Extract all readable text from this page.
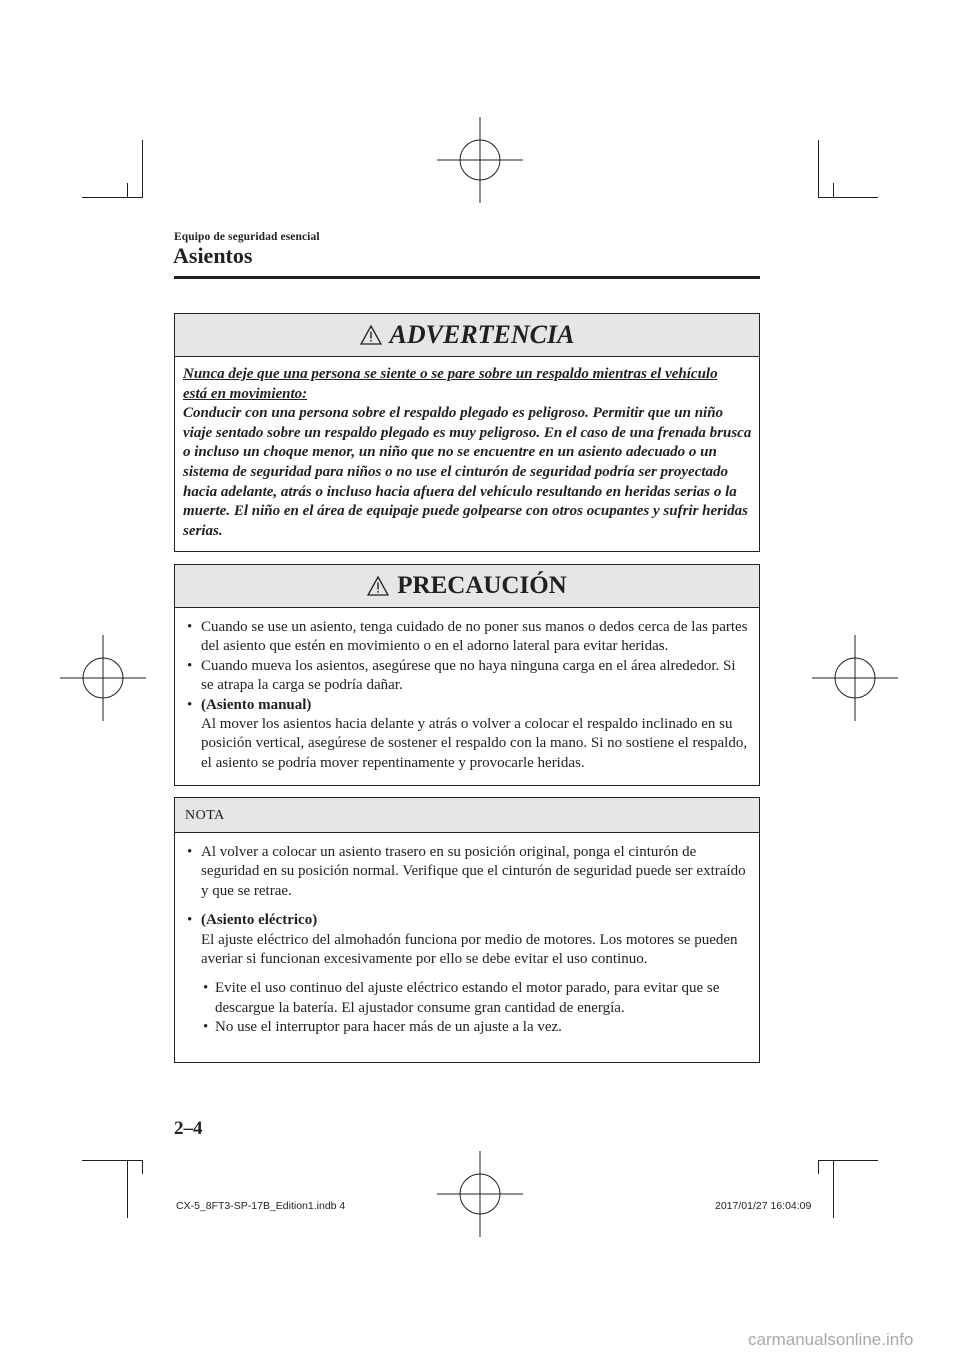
Equipo de seguridad esencial
Asientos
ADVERTENCIA

Nunca deje que una persona se siente o se pare sobre un respaldo mientras el vehículo
está en movimiento:

Conducir con una persona sobre el respaldo plegado es peligroso. Permitir que un niño viaje sentado sobre un respaldo plegado es muy peligroso. En el caso de una frenada brusca o incluso un choque menor, un niño que no se encuentre en un asiento adecuado o un sistema de seguridad para niños o no use el cinturón de seguridad podría ser proyectado hacia adelante, atrás o incluso hacia afuera del vehículo resultando en heridas serias o la muerte. El niño en el área de equipaje puede golpearse con otros ocupantes y sufrir heridas serias.

PRECAUCIÓN
• Cuando se use un asiento, tenga cuidado de no poner sus manos o dedos cerca de las partes del asiento que estén en movimiento o en el adorno lateral para evitar heridas.
• Cuando mueva los asientos, asegúrese que no haya ninguna carga en el área alrededor. Si se atrapa la carga se podría dañar.
• (Asiento manual)
Al mover los asientos hacia delante y atrás o volver a colocar el respaldo inclinado en su posición vertical, asegúrese de sostener el respaldo con la mano. Si no sostiene el respaldo, el asiento se podría mover repentinamente y provocarle heridas.
NOTA
• Al volver a colocar un asiento trasero en su posición original, ponga el cinturón de seguridad en su posición normal. Verifique que el cinturón de seguridad puede ser extraído y que se retrae.
• (Asiento eléctrico)
El ajuste eléctrico del almohadón funciona por medio de motores. Los motores se pueden averiar si funcionan excesivamente por ello se debe evitar el uso continuo.
• Evite el uso continuo del ajuste eléctrico estando el motor parado, para evitar que se descargue la batería. El ajustador consume gran cantidad de energía.
• No use el interruptor para hacer más de un ajuste a la vez.
2–4
CX-5_8FT3-SP-17B_Edition1.indb 4	2017/01/27 16:04:09
carmanualsonline.info
